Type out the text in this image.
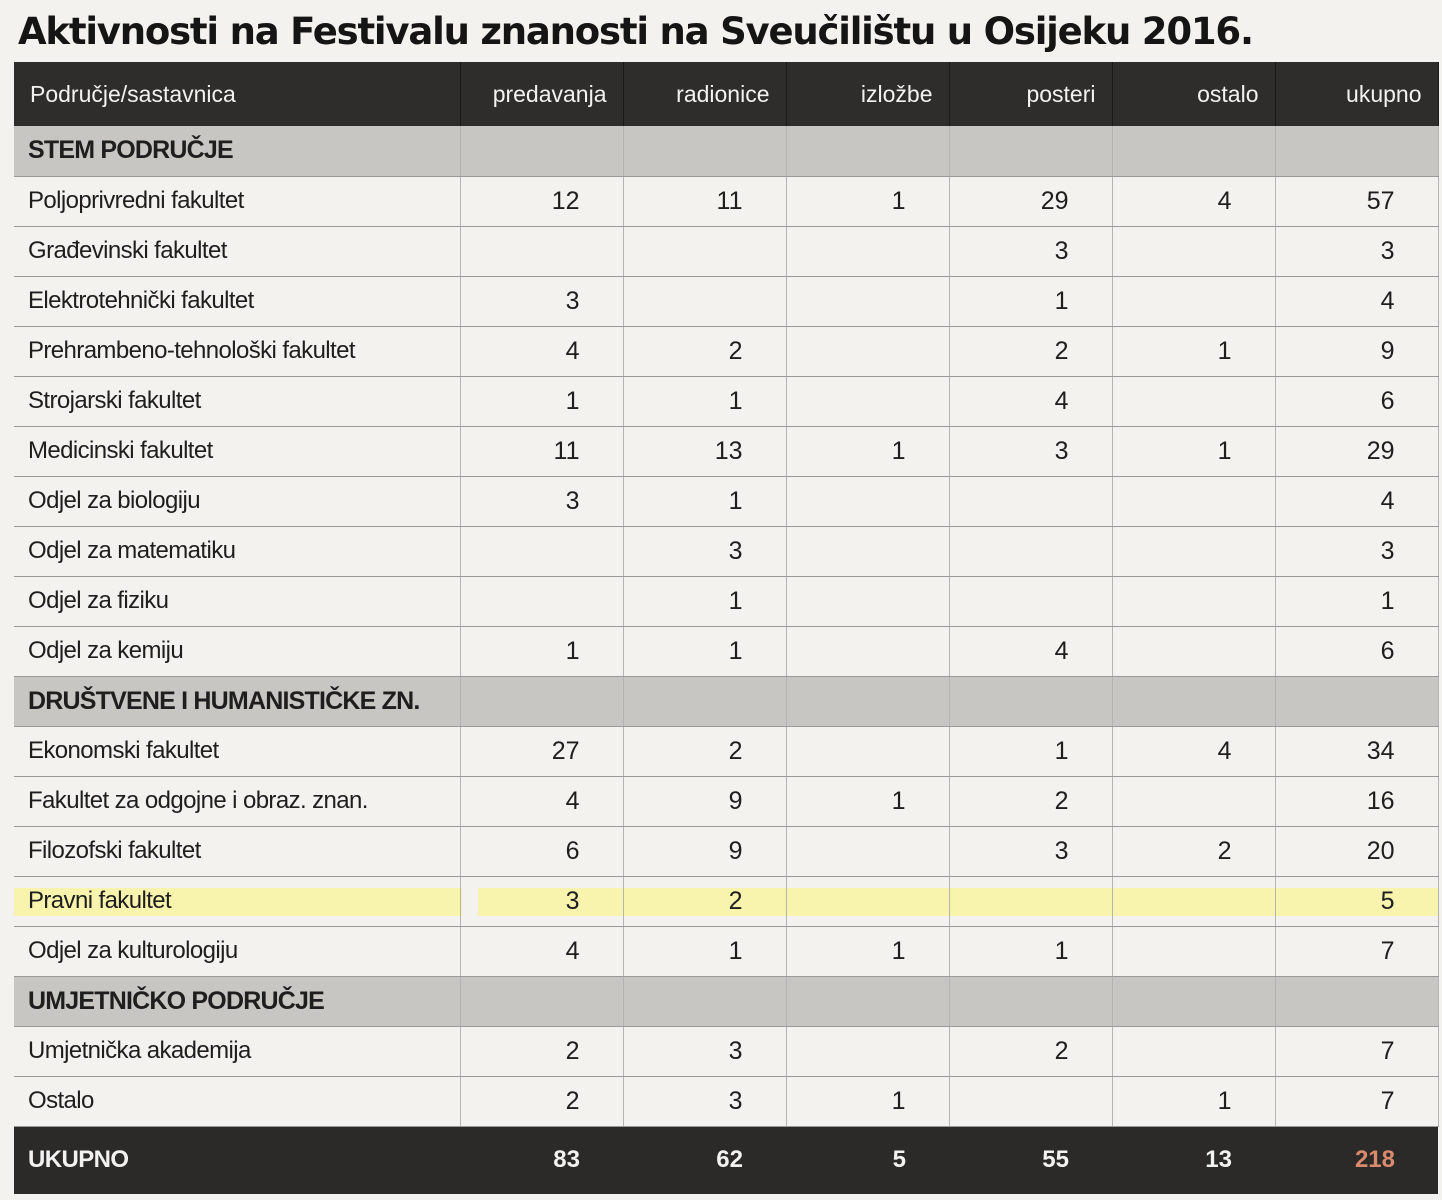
Aktivnosti na Festivalu znanosti na Sveučilištu u Osijeku 2016.
Područje/sastavnica	predavanja	radionice	izložbe	posteri	ostalo	ukupno
STEM PODRUČJE						
Poljoprivredni fakultet	12	11	1	29	4	57
Građevinski fakultet				3		3
Elektrotehnički fakultet	3			1		4
Prehrambeno-tehnološki fakultet	4	2		2	1	9
Strojarski fakultet	1	1		4		6
Medicinski fakultet	11	13	1	3	1	29
Odjel za biologiju	3	1				4
Odjel za matematiku		3				3
Odjel za fiziku		1				1
Odjel za kemiju	1	1		4		6
DRUŠTVENE I HUMANISTIČKE ZN.						
Ekonomski fakultet	27	2		1	4	34
Fakultet za odgojne i obraz. znan.	4	9	1	2		16
Filozofski fakultet	6	9		3	2	20
Pravni fakultet	3	2				5
Odjel za kulturologiju	4	1	1	1		7
UMJETNIČKO PODRUČJE						
Umjetnička akademija	2	3		2		7
Ostalo	2	3	1		1	7
UKUPNO	83	62	5	55	13	218
